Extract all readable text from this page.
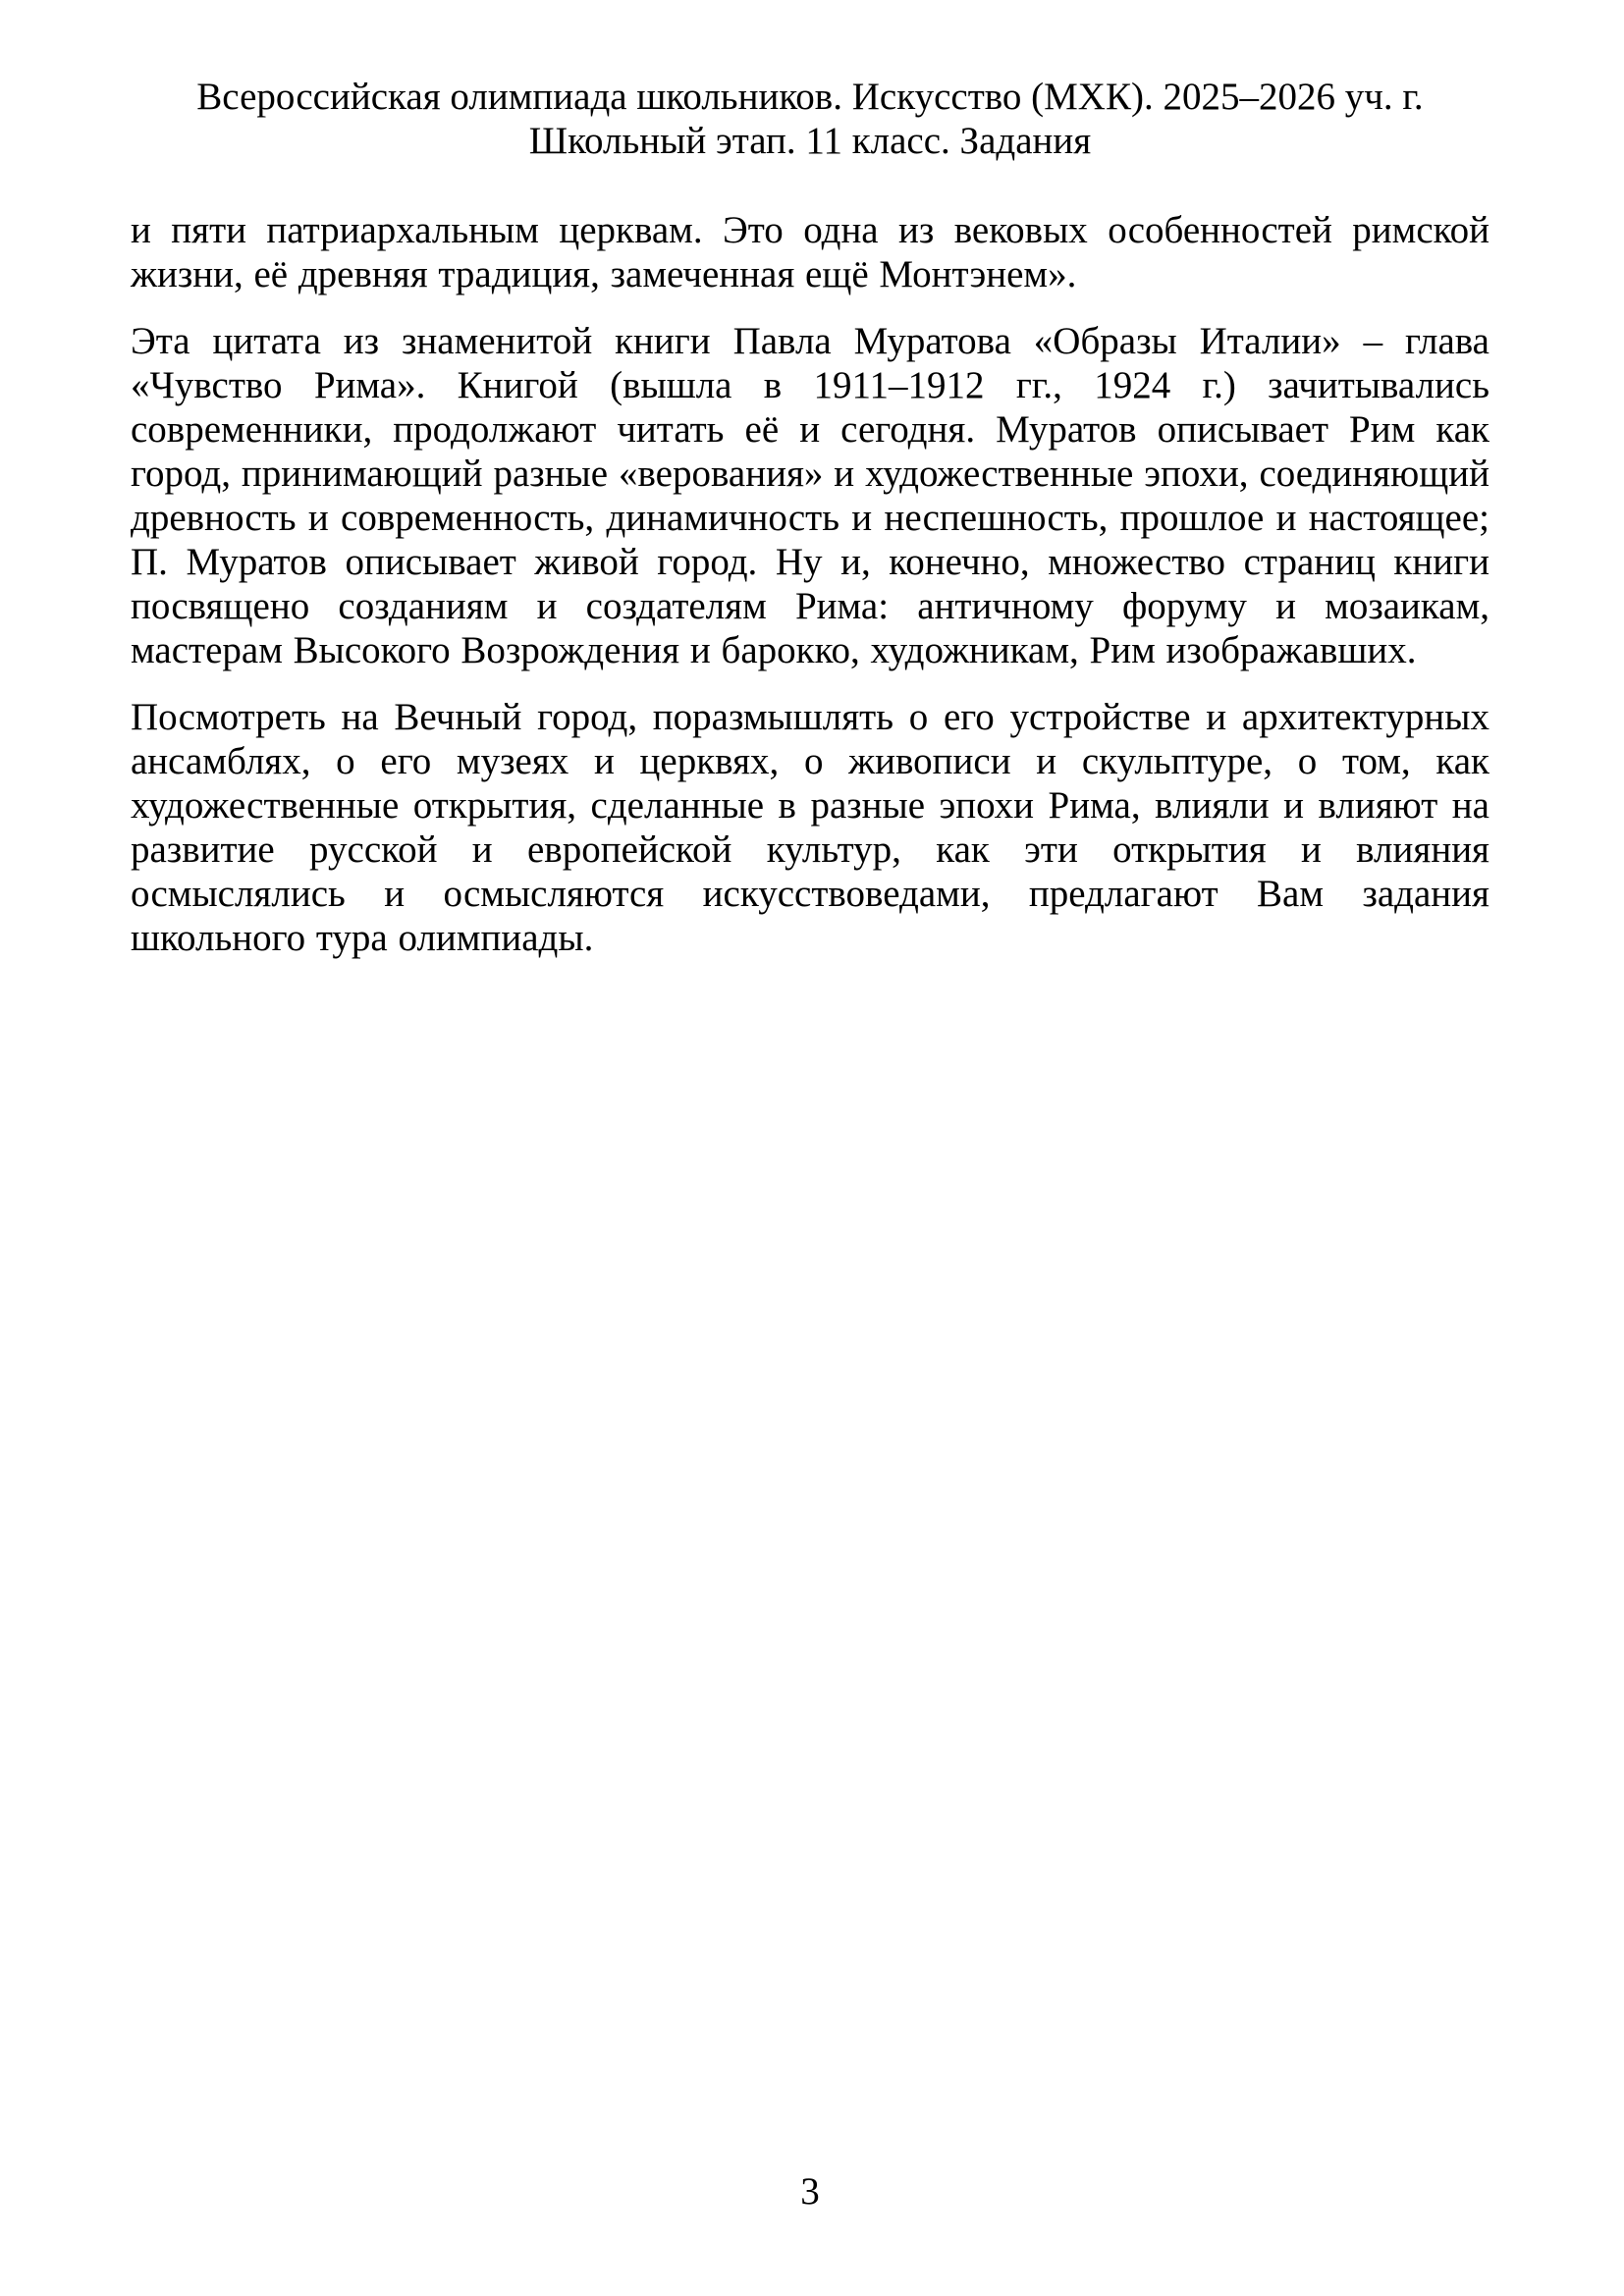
Всероссийская олимпиада школьников. Искусство (МХК). 2025–2026 уч. г.
Школьный этап. 11 класс. Задания

и пяти патриархальным церквам. Это одна из вековых особенностей римской жизни, её древняя традиция, замеченная ещё Монтэнем».

Эта цитата из знаменитой книги Павла Муратова «Образы Италии» – глава «Чувство Рима». Книгой (вышла в 1911–1912 гг., 1924 г.) зачитывались современники, продолжают читать её и сегодня. Муратов описывает Рим как город, принимающий разные «верования» и художественные эпохи, соединяющий древность и современность, динамичность и неспешность, прошлое и настоящее; П. Муратов описывает живой город. Ну и, конечно, множество страниц книги посвящено созданиям и создателям Рима: античному форуму и мозаикам, мастерам Высокого Возрождения и барокко, художникам, Рим изображавших.

Посмотреть на Вечный город, поразмышлять о его устройстве и архитектурных ансамблях, о его музеях и церквях, о живописи и скульптуре, о том, как художественные открытия, сделанные в разные эпохи Рима, влияли и влияют на развитие русской и европейской культур, как эти открытия и влияния осмыслялись и осмысляются искусствоведами, предлагают Вам задания школьного тура олимпиады.

3
